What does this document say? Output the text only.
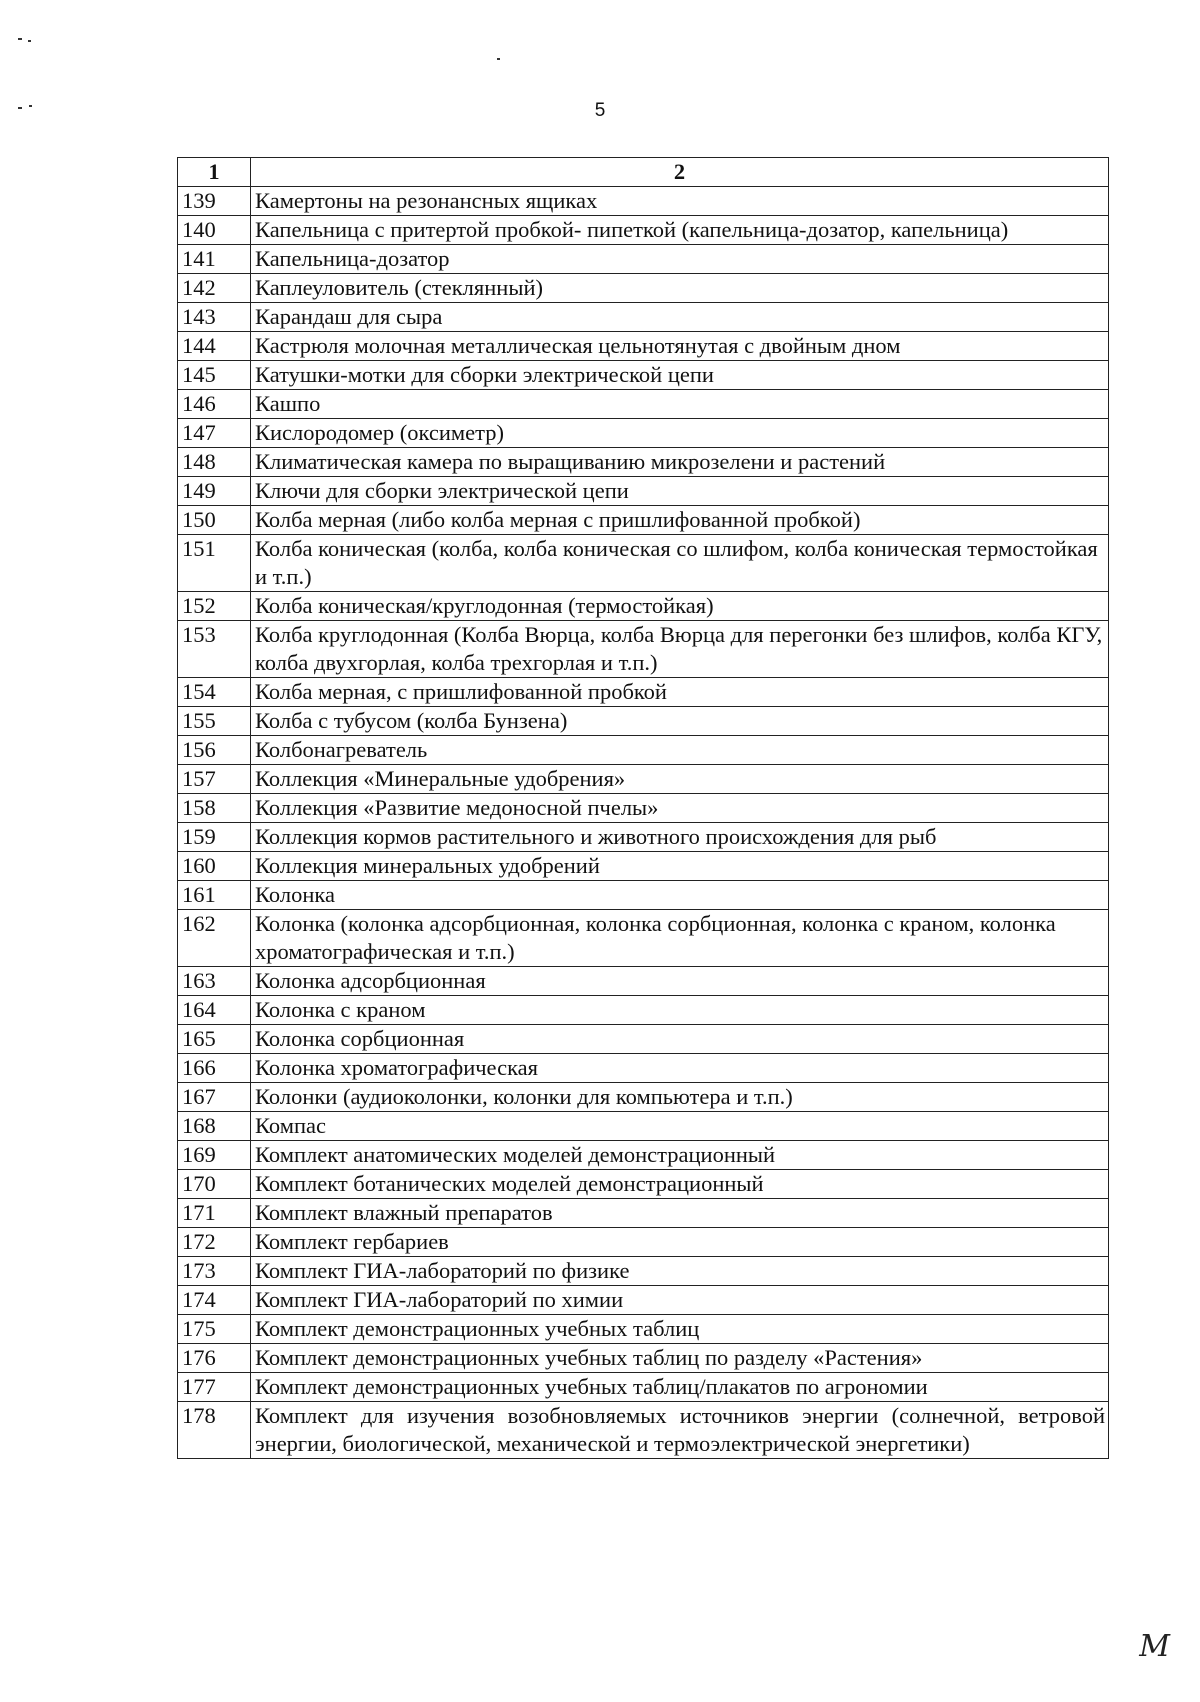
5
1	2
139	Камертоны на резонансных ящиках
140	Капельница с притертой пробкой- пипеткой (капельница-дозатор, капельница)
141	Капельница-дозатор
142	Каплеуловитель (стеклянный)
143	Карандаш для сыра
144	Кастрюля молочная металлическая цельнотянутая с двойным дном
145	Катушки-мотки для сборки электрической цепи
146	Кашпо
147	Кислородомер (оксиметр)
148	Климатическая камера по выращиванию микрозелени и растений
149	Ключи для сборки электрической цепи
150	Колба мерная (либо колба мерная с пришлифованной пробкой)
151	Колба коническая (колба, колба коническая со шлифом, колба коническая термостойкая и т.п.)
152	Колба коническая/круглодонная (термостойкая)
153	Колба круглодонная (Колба Вюрца, колба Вюрца для перегонки без шлифов, колба КГУ, колба двухгорлая, колба трехгорлая и т.п.)
154	Колба мерная, с пришлифованной пробкой
155	Колба с тубусом (колба Бунзена)
156	Колбонагреватель
157	Коллекция «Минеральные удобрения»
158	Коллекция «Развитие медоносной пчелы»
159	Коллекция кормов растительного и животного происхождения для рыб
160	Коллекция минеральных удобрений
161	Колонка
162	Колонка (колонка адсорбционная, колонка сорбционная, колонка с краном, колонка хроматографическая и т.п.)
163	Колонка адсорбционная
164	Колонка с краном
165	Колонка сорбционная
166	Колонка хроматографическая
167	Колонки (аудиоколонки, колонки для компьютера и т.п.)
168	Компас
169	Комплект анатомических моделей демонстрационный
170	Комплект ботанических моделей демонстрационный
171	Комплект влажный препаратов
172	Комплект гербариев
173	Комплект ГИА-лабораторий по физике
174	Комплект ГИА-лабораторий по химии
175	Комплект демонстрационных учебных таблиц
176	Комплект демонстрационных учебных таблиц по разделу «Растения»
177	Комплект демонстрационных учебных таблиц/плакатов по агрономии
178	Комплект для изучения возобновляемых источников энергии (солнечной, ветровой энергии, биологической, механической и термоэлектрической энергетики)
M
